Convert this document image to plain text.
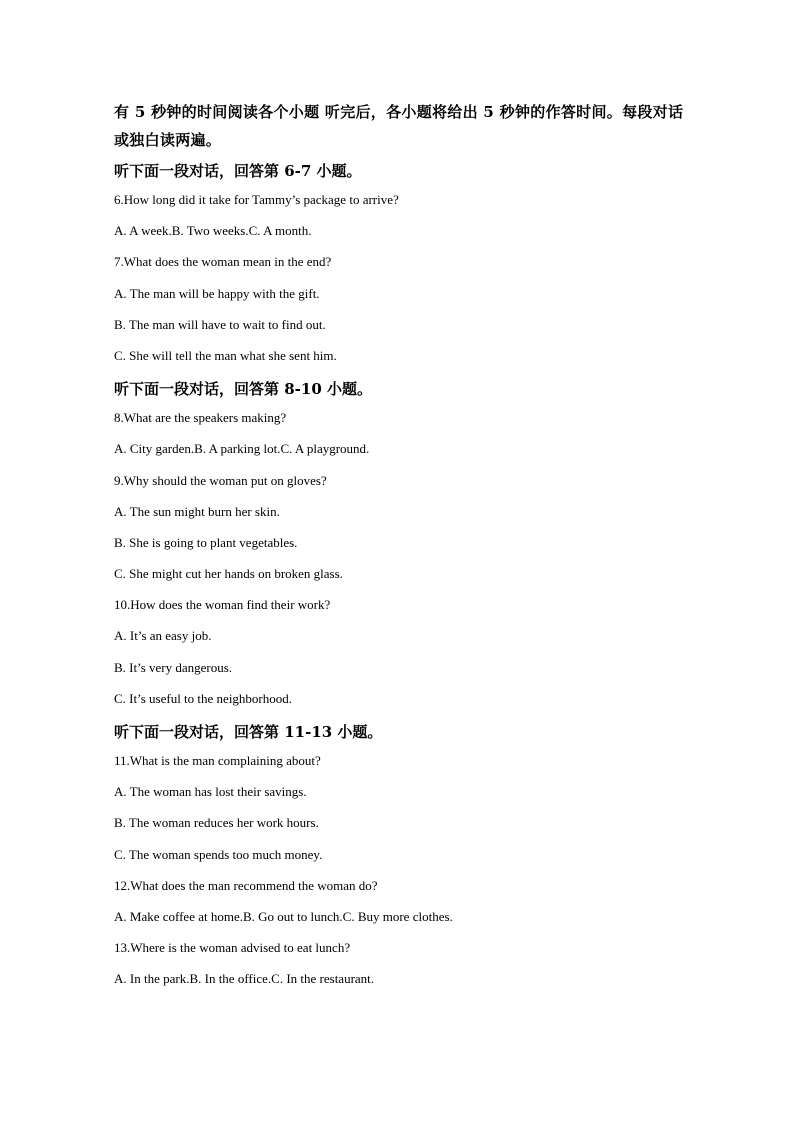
有 5 秒钟的时间阅读各个小题 听完后，各小题将给出 5 秒钟的作答时间。每段对话或独白读两遍。

听下面一段对话，回答第 6-7 小题。

6.How long did it take for Tammy’s package to arrive?

A. A week.B. Two weeks.C. A month.

7.What does the woman mean in the end?

A. The man will be happy with the gift.

B. The man will have to wait to find out.

C. She will tell the man what she sent him.

听下面一段对话，回答第 8-10 小题。

8.What are the speakers making?

A. City garden.B. A parking lot.C. A playground.

9.Why should the woman put on gloves?

A. The sun might burn her skin.

B. She is going to plant vegetables.

C. She might cut her hands on broken glass.

10.How does the woman find their work?

A. It’s an easy job.

B. It’s very dangerous.

C. It’s useful to the neighborhood.

听下面一段对话，回答第 11-13 小题。

11.What is the man complaining about?

A. The woman has lost their savings.

B. The woman reduces her work hours.

C. The woman spends too much money.

12.What does the man recommend the woman do?

A. Make coffee at home.B. Go out to lunch.C. Buy more clothes.

13.Where is the woman advised to eat lunch?

A. In the park.B. In the office.C. In the restaurant.
